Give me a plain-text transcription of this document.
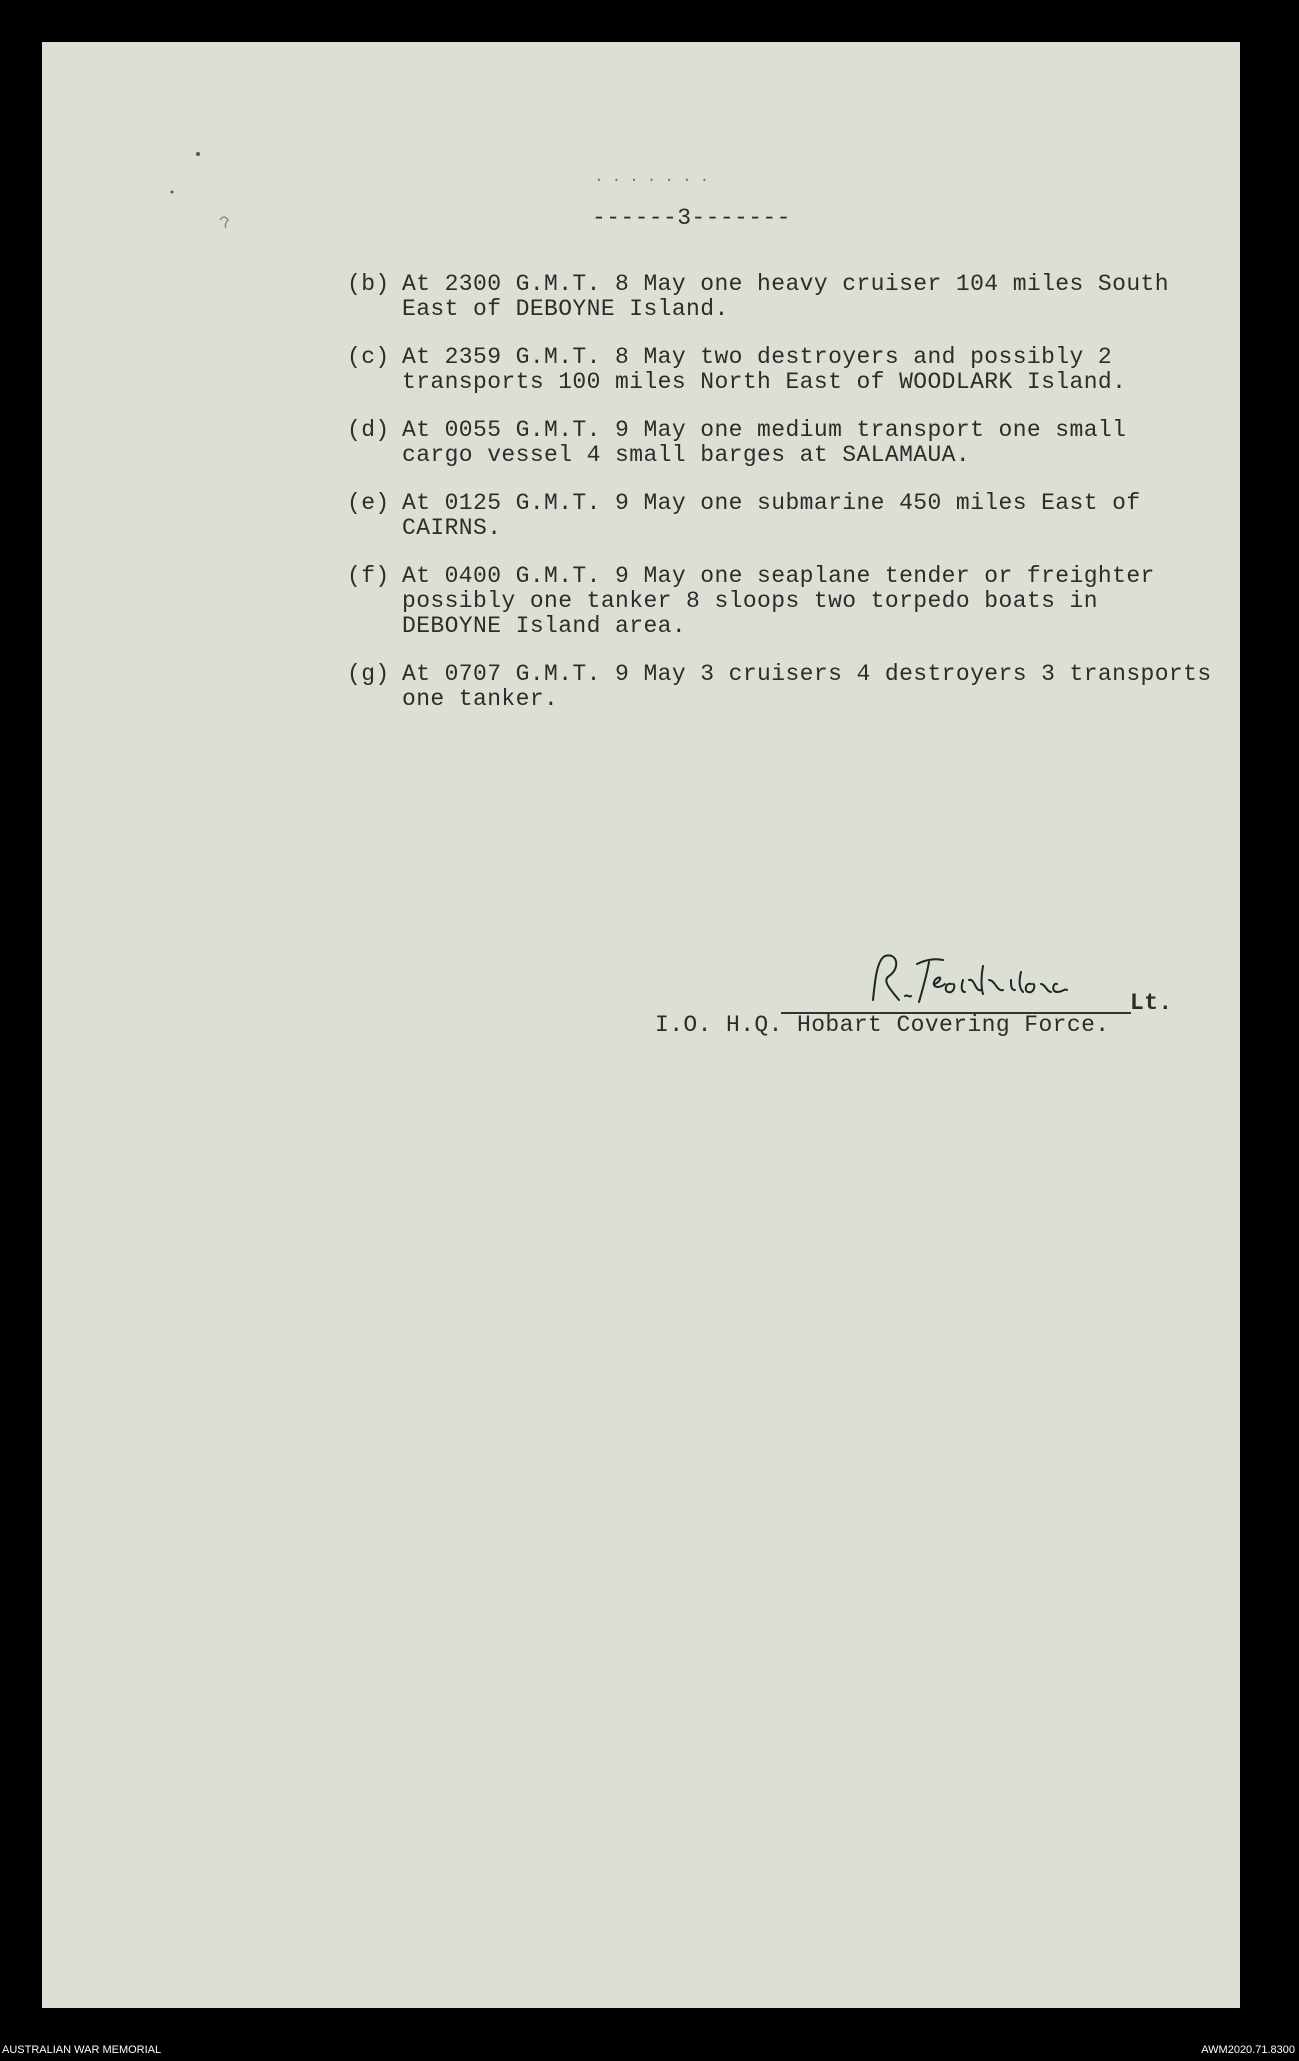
.......
------3-------
(b) At 2300 G.M.T. 8 May one heavy cruiser 104 miles South
East of DEBOYNE Island.
(c) At 2359 G.M.T. 8 May two destroyers and possibly 2
transports 100 miles North East of WOODLARK Island.
(d) At 0055 G.M.T. 9 May one medium transport one small
cargo vessel 4 small barges at SALAMAUA.
(e) At 0125 G.M.T. 9 May one submarine 450 miles East of
CAIRNS.
(f) At 0400 G.M.T. 9 May one seaplane tender or freighter
possibly one tanker 8 sloops two torpedo boats in
DEBOYNE Island area.
(g) At 0707 G.M.T. 9 May 3 cruisers 4 destroyers 3 transports
one tanker.
Lt.
I.O. H.Q. Hobart Covering Force.
AUSTRALIAN WAR MEMORIAL	AWM2020.71.8300
